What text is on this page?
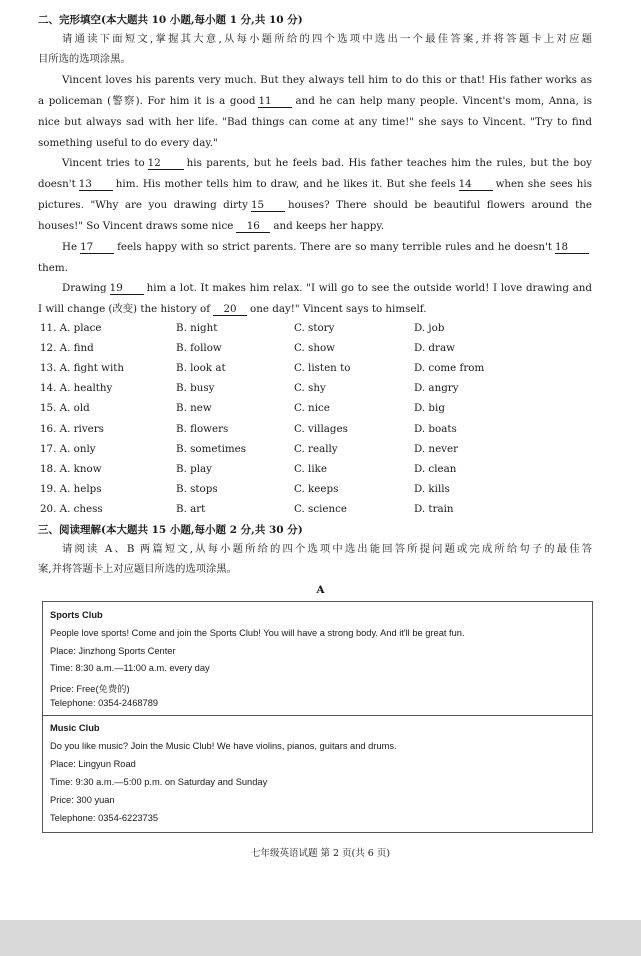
二、完形填空(本大题共 10 小题,每小题 1 分,共 10 分)
请通读下面短文,掌握其大意,从每小题所给的四个选项中选出一个最佳答案,并将答题卡上对应题
目所选的选项涂黑。
Vincent loves his parents very much. But they always tell him to do this or that! His father works as
a policeman (警察). For him it is a good 11 and he can help many people. Vincent's mom, Anna, is
nice but always sad with her life. "Bad things can come at any time!" she says to Vincent. "Try to find
something useful to do every day."
Vincent tries to 12	his parents, but he feels bad. His father teaches him the rules, but the boy
doesn't 13 him. His mother tells him to draw, and he likes it. But she feels 14 when she sees his
pictures. "Why are you drawing dirty 15 houses? There should be beautiful flowers around the
houses!" So Vincent draws some nice 16 and keeps her happy.
He 17 feels happy with so strict parents. There are so many terrible rules and he doesn't 18
them.
Drawing 19 him a lot. It makes him relax. "I will go to see the outside world! I love drawing and
I will change (改变) the history of 20 one day!" Vincent says to himself.
11. A. place	B. night	C. story	D. job
12. A. find	B. follow	C. show	D. draw
13. A. fight with	B. look at	C. listen to	D. come from
14. A. healthy	B. busy	C. shy	D. angry
15. A. old	B. new	C. nice	D. big
16. A. rivers	B. flowers	C. villages	D. boats
17. A. only	B. sometimes	C. really	D. never
18. A. know	B. play	C. like	D. clean
19. A. helps	B. stops	C. keeps	D. kills
20. A. chess	B. art	C. science	D. train
三、阅读理解(本大题共 15 小题,每小题 2 分,共 30 分)
请阅读 A、B 两篇短文,从每小题所给的四个选项中选出能回答所提问题或完成所给句子的最佳答
案,并将答题卡上对应题目所选的选项涂黑。
A
Sports Club
People love sports! Come and join the Sports Club! You will have a strong body. And it'll be great fun.
Place: Jinzhong Sports Center
Time: 8:30 a.m.—11:00 a.m. every day
Price: Free(免费的)
Telephone: 0354-2468789
Music Club
Do you like music? Join the Music Club! We have violins, pianos, guitars and drums.
Place: Lingyun Road
Time: 9:30 a.m.—5:00 p.m. on Saturday and Sunday
Price: 300 yuan
Telephone: 0354-6223735
七年级英语试题 第 2 页(共 6 页)
